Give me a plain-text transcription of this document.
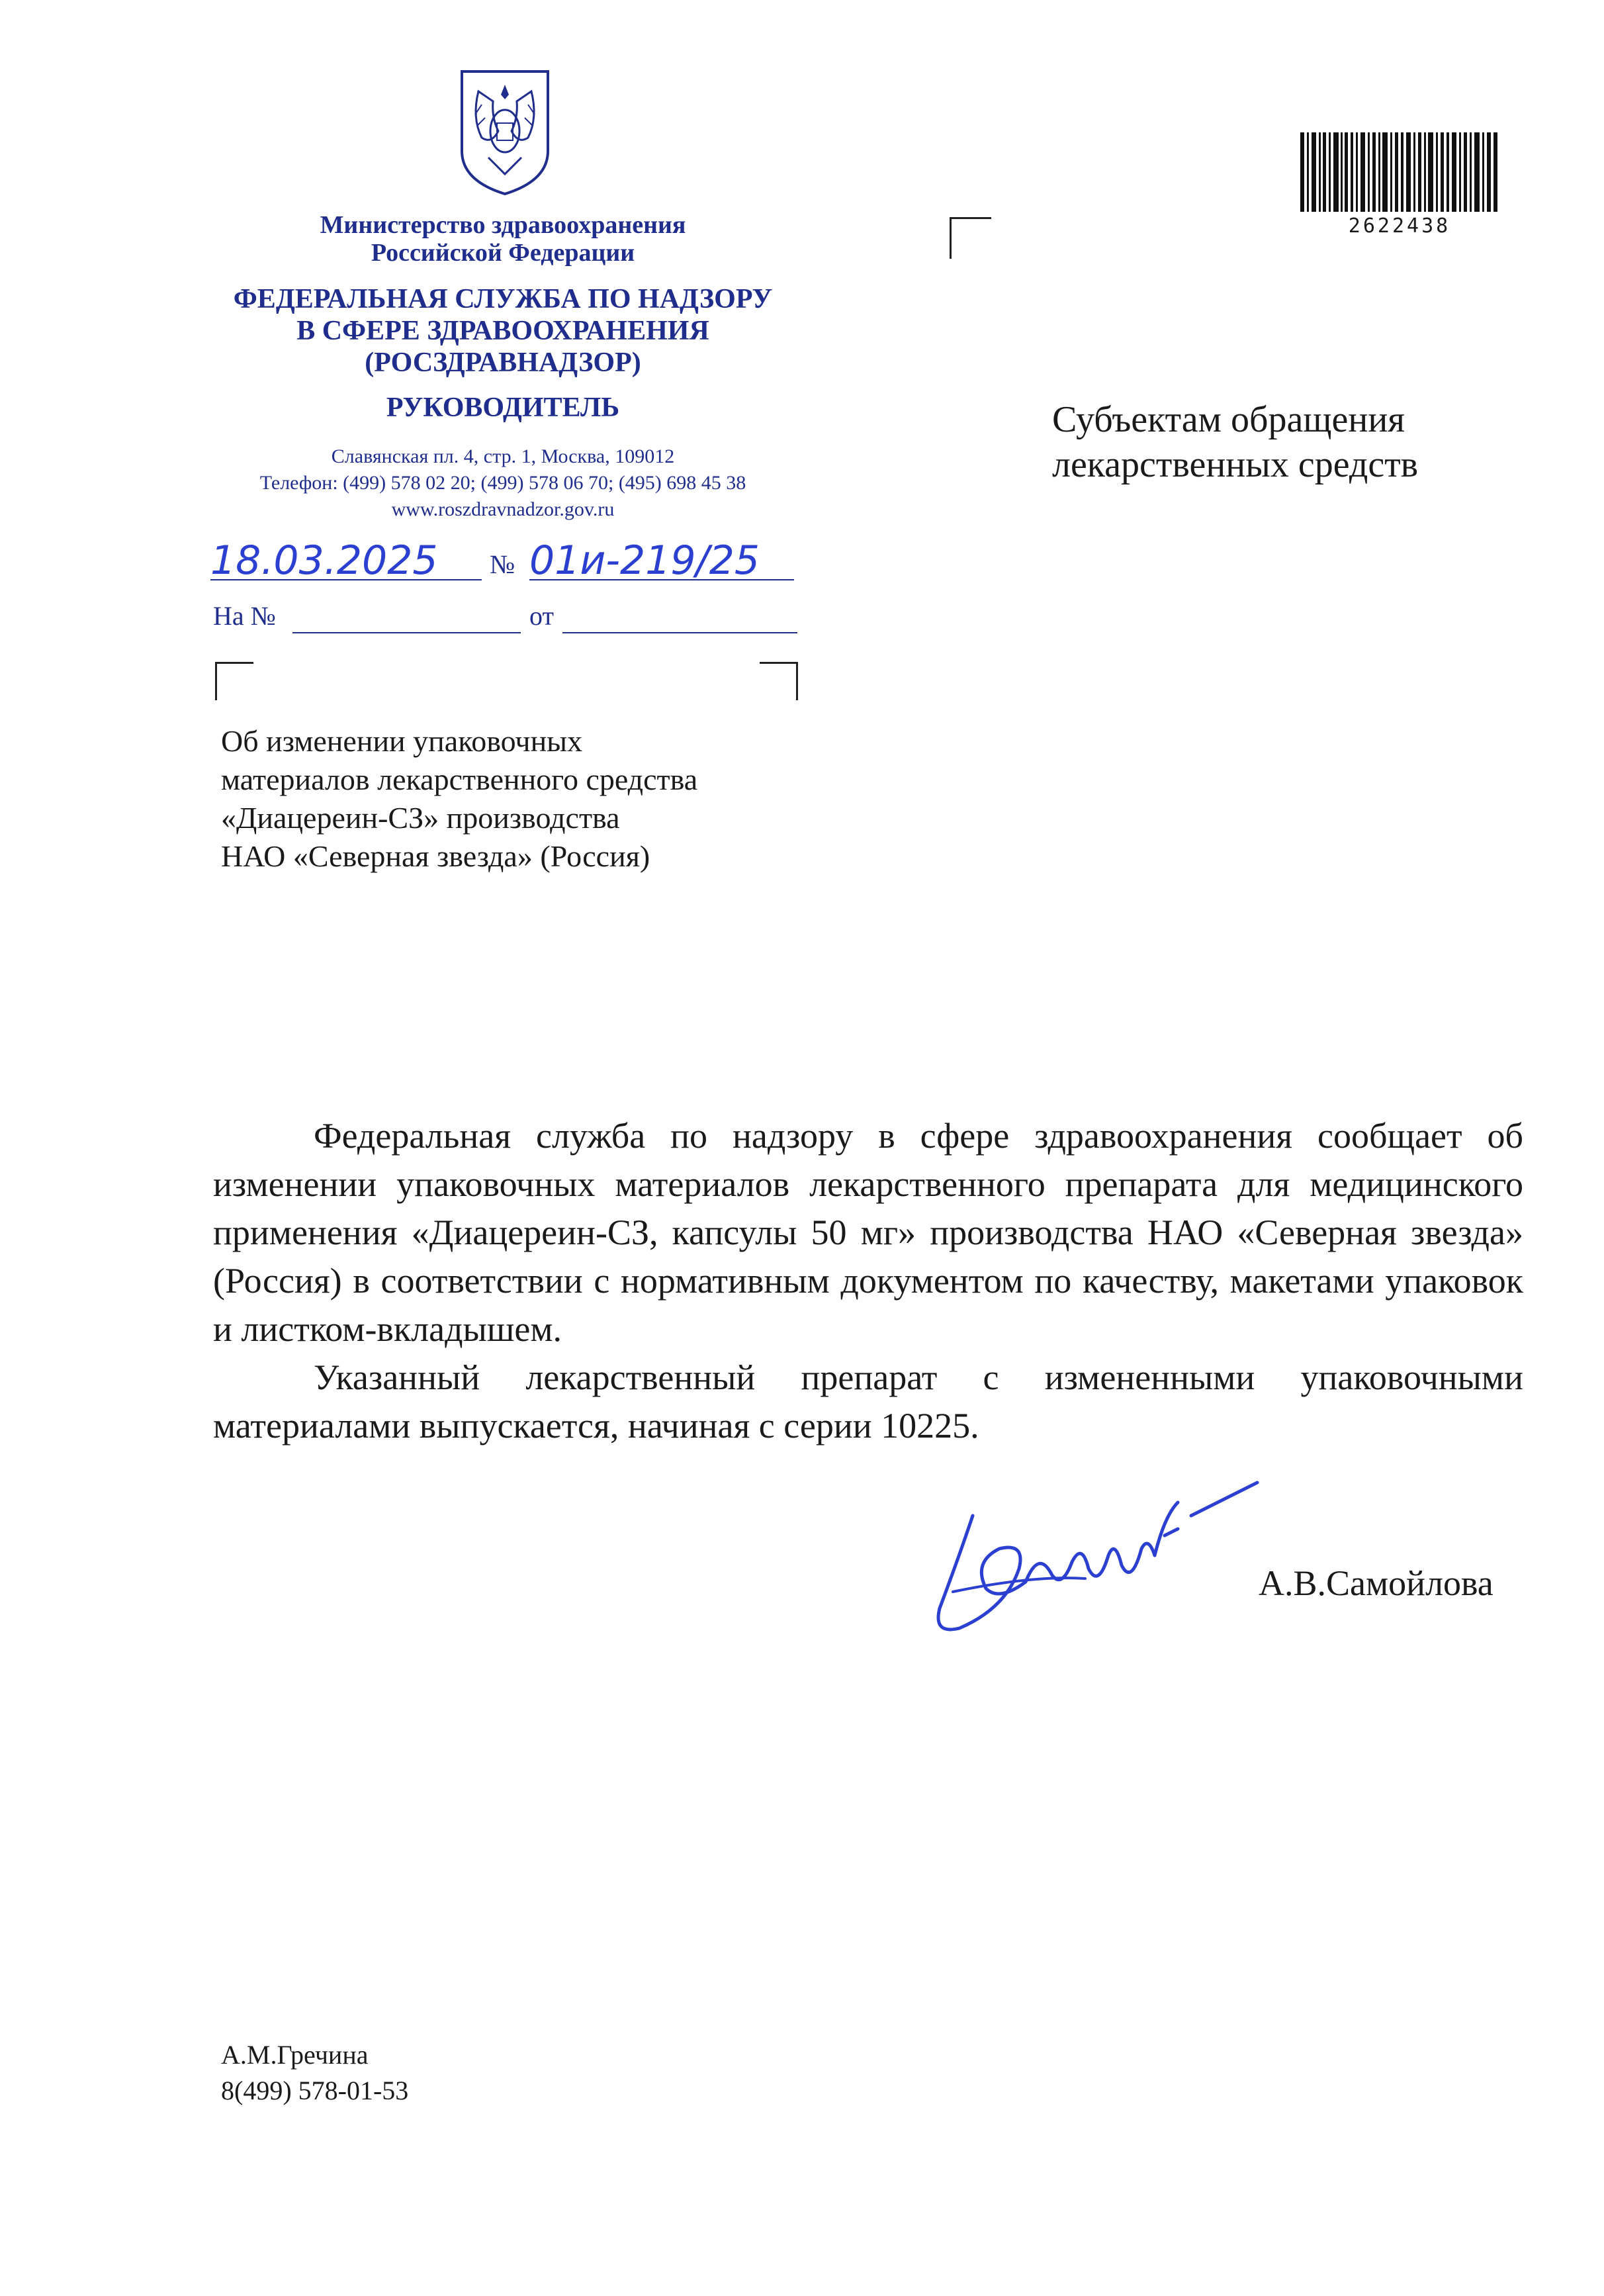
Министерство здравоохранения
Российской Федерации
ФЕДЕРАЛЬНАЯ СЛУЖБА ПО НАДЗОРУ
В СФЕРЕ ЗДРАВООХРАНЕНИЯ
(РОСЗДРАВНАДЗОР)
РУКОВОДИТЕЛЬ
Славянская пл. 4, стр. 1, Москва, 109012
Телефон: (499) 578 02 20; (499) 578 06 70; (495) 698 45 38
www.roszdravnadzor.gov.ru
18.03.2025 № 01и-219/25
На №	от
2622438
Субъектам обращения
лекарственных средств
Об изменении упаковочных
материалов лекарственного средства
«Диацереин-СЗ» производства
НАО «Северная звезда» (Россия)

Федеральная служба по надзору в сфере здравоохранения сообщает об изменении упаковочных материалов лекарственного препарата для медицинского применения «Диацереин-СЗ, капсулы 50 мг» производства НАО «Северная звезда» (Россия) в соответствии с нормативным документом по качеству, макетами упаковок и листком-вкладышем.

Указанный лекарственный препарат с измененными упаковочными материалами выпускается, начиная с серии 10225.

А.В.Самойлова
А.М.Гречина
8(499) 578-01-53
